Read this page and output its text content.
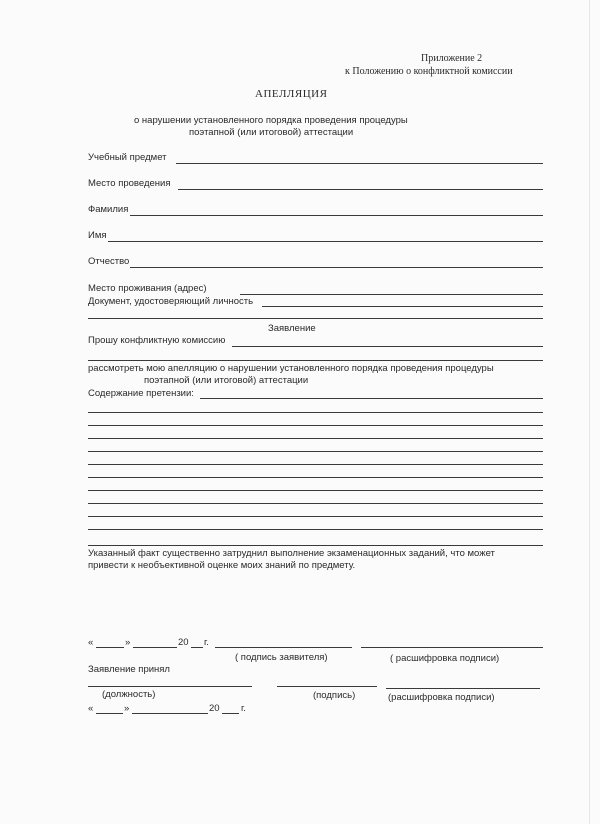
Приложение 2
к Положению о конфликтной комиссии
АПЕЛЛЯЦИЯ
о нарушении установленного порядка проведения процедуры
поэтапной (или итоговой) аттестации
Учебный предмет
Место проведения
Фамилия
Имя
Отчество
Место проживания (адрес)
Документ, удостоверяющий личность
Заявление
Прошу конфликтную комиссию
рассмотреть мою апелляцию о нарушении установленного порядка проведения процедуры
поэтапной (или итоговой) аттестации
Содержание претензии:
Указанный факт существенно затруднил выполнение экзаменационных заданий, что может
привести к необъективной оценке моих знаний по предмету.
«	»	20 г.
( подпись заявителя)	( расшифровка подписи)
Заявление принял
(должность)	(подпись)	(расшифровка подписи)
«	»	20 г.
